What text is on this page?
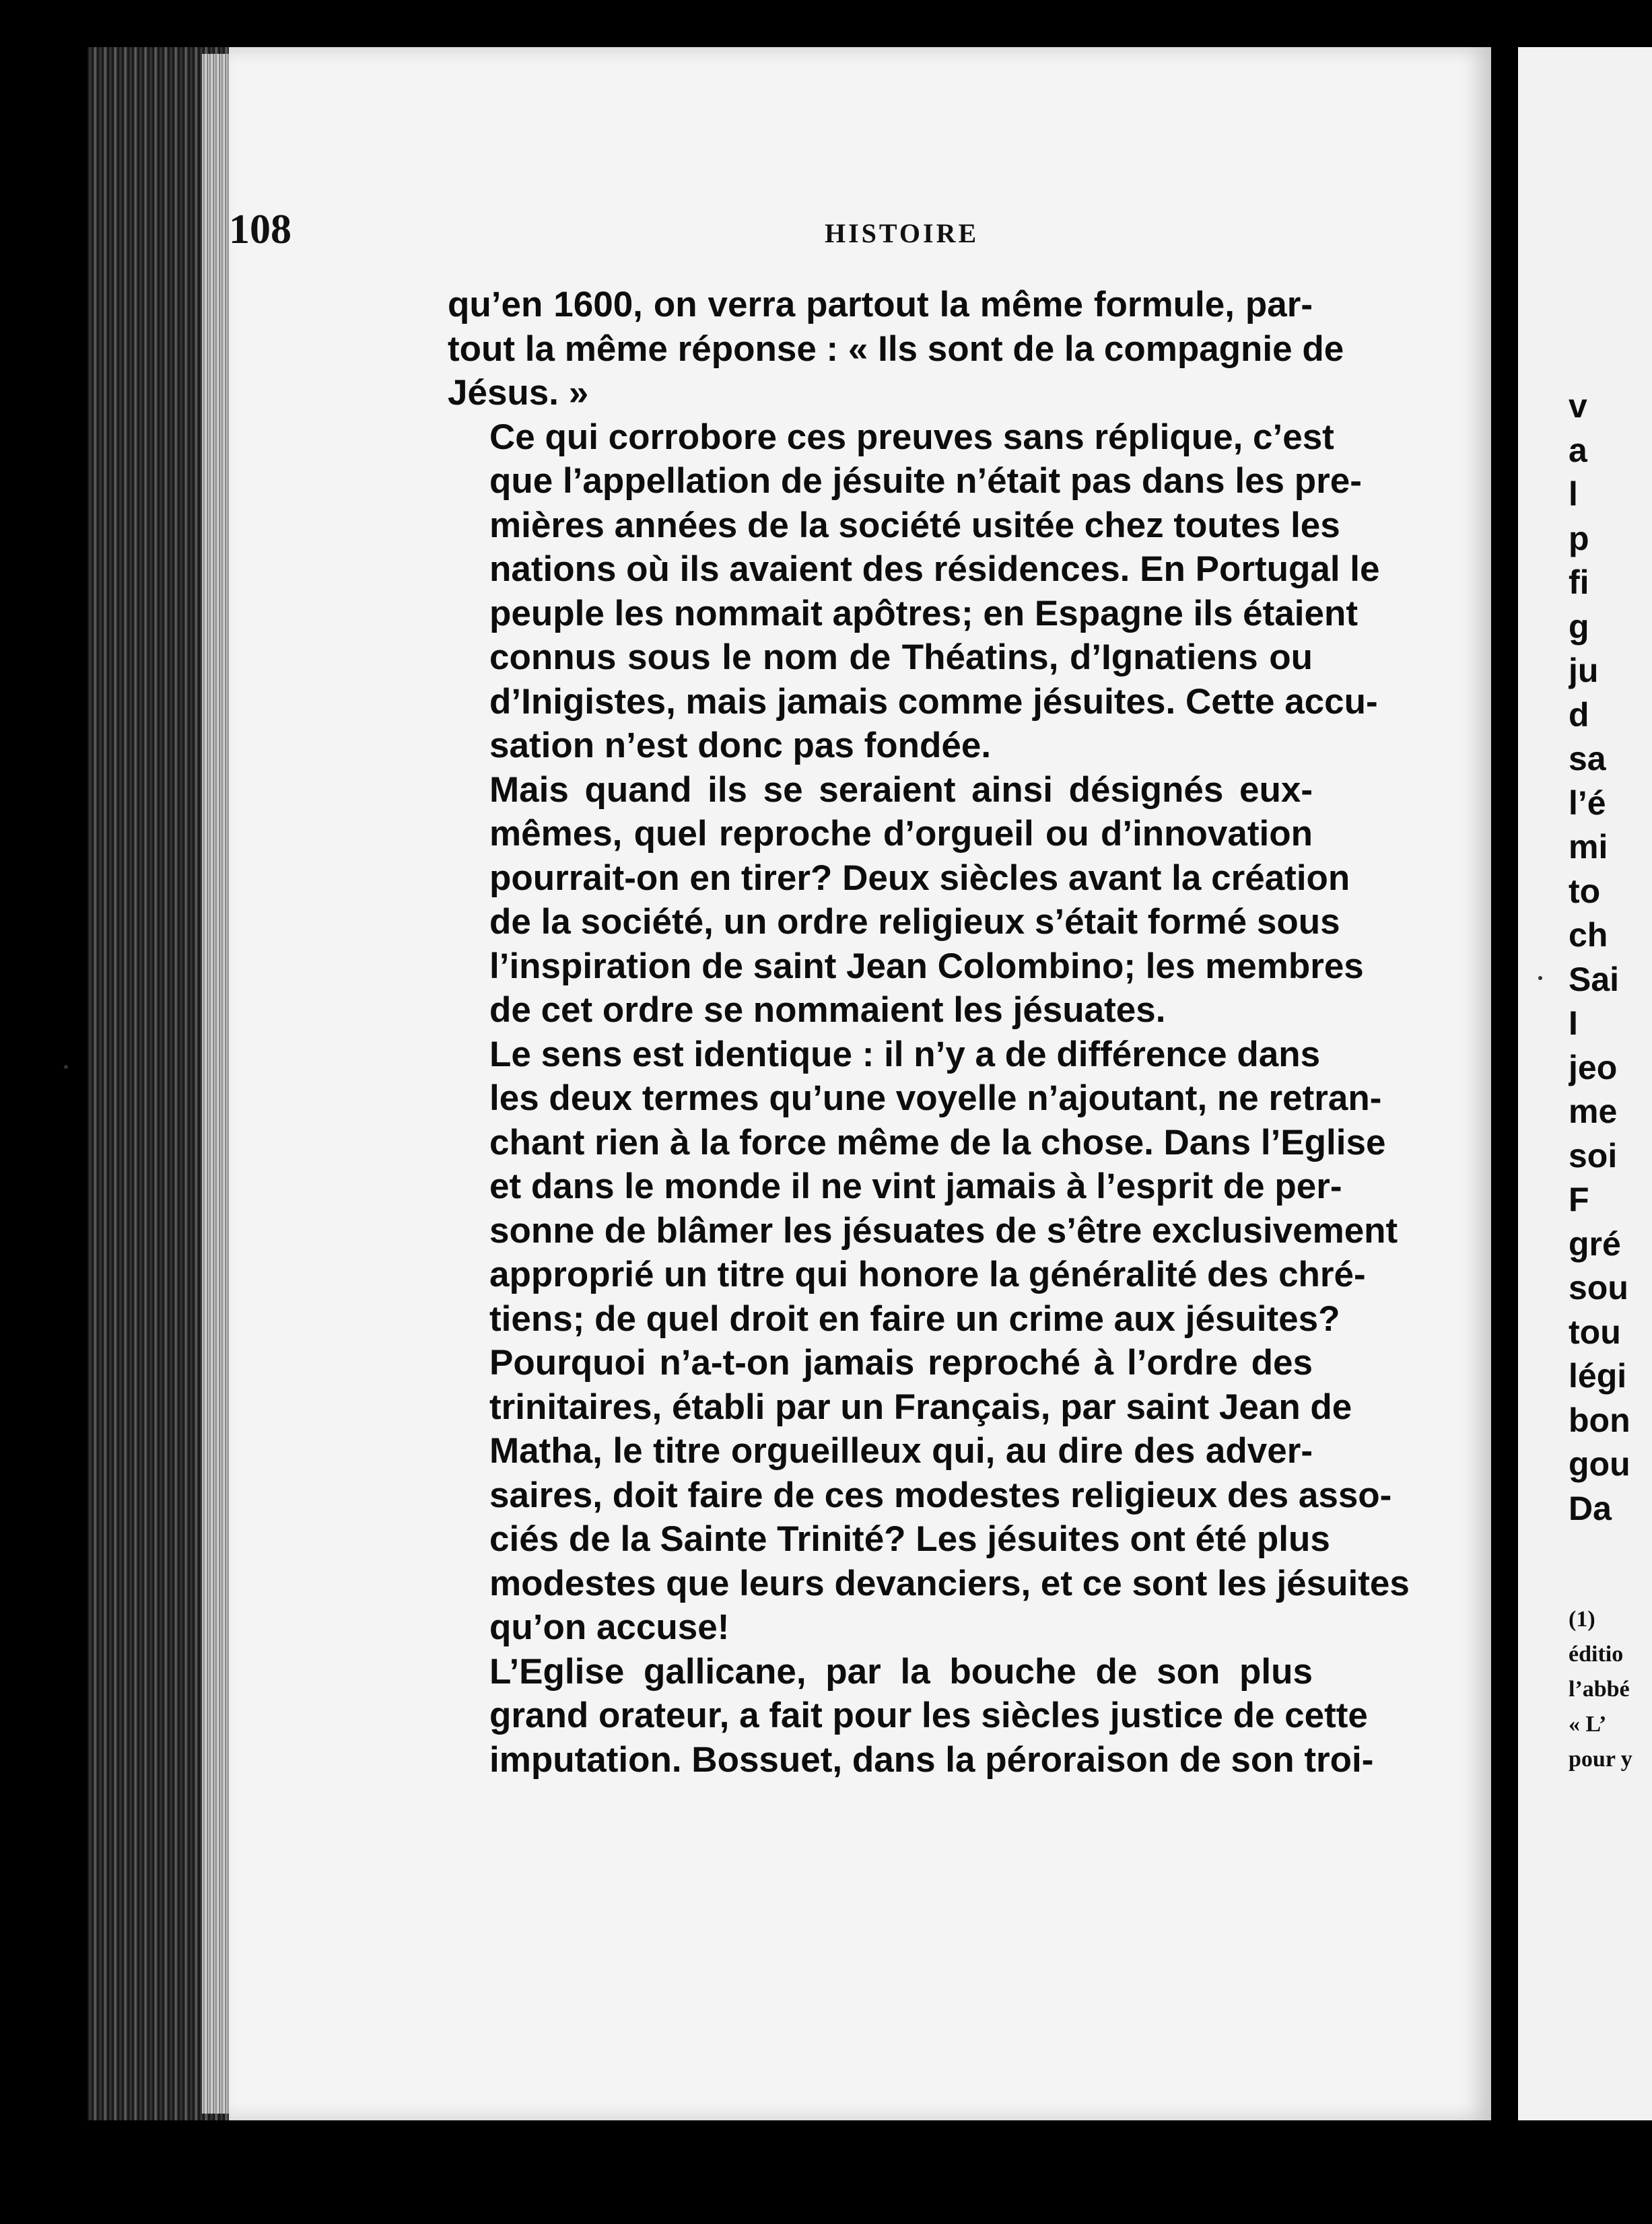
108	HISTOIRE

qu’en 1600, on verra partout la même formule, par-
tout la même réponse : « Ils sont de la compagnie de
Jésus. »

Ce qui corrobore ces preuves sans réplique, c’est
que l’appellation de jésuite n’était pas dans les pre-
mières années de la société usitée chez toutes les
nations où ils avaient des résidences. En Portugal le
peuple les nommait apôtres; en Espagne ils étaient
connus sous le nom de Théatins, d’Ignatiens ou
d’Inigistes, mais jamais comme jésuites. Cette accu-
sation n’est donc pas fondée.

Mais quand ils se seraient ainsi désignés eux-
mêmes, quel reproche d’orgueil ou d’innovation
pourrait-on en tirer? Deux siècles avant la création
de la société, un ordre religieux s’était formé sous
l’inspiration de saint Jean Colombino; les membres
de cet ordre se nommaient les jésuates.

Le sens est identique : il n’y a de différence dans
les deux termes qu’une voyelle n’ajoutant, ne retran-
chant rien à la force même de la chose. Dans l’Eglise
et dans le monde il ne vint jamais à l’esprit de per-
sonne de blâmer les jésuates de s’être exclusivement
approprié un titre qui honore la généralité des chré-
tiens; de quel droit en faire un crime aux jésuites?
Pourquoi n’a-t-on jamais reproché à l’ordre des
trinitaires, établi par un Français, par saint Jean de
Matha, le titre orgueilleux qui, au dire des adver-
saires, doit faire de ces modestes religieux des asso-
ciés de la Sainte Trinité? Les jésuites ont été plus
modestes que leurs devanciers, et ce sont les jésuites
qu’on accuse!

L’Eglise gallicane, par la bouche de son plus
grand orateur, a fait pour les siècles justice de cette
imputation. Bossuet, dans la péroraison de son troi-

v
a
l
p
fi
g
ju
d
sa
l’é
mi
to
ch
Sai
I
jeo
me
soi
F
gré
sou
tou
légi
bon
gou
Da
(1)
éditio
l’abbé
« L’
pour y
